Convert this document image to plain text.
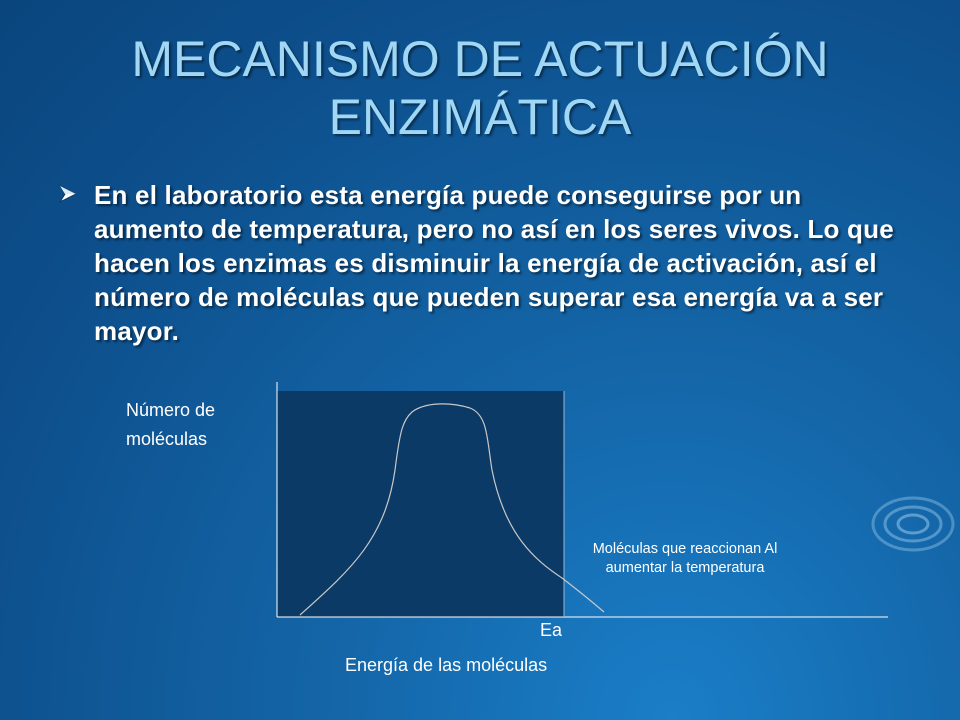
MECANISMO DE ACTUACIÓN ENZIMÁTICA
En el laboratorio esta energía puede conseguirse por un aumento de temperatura, pero no así en los seres vivos. Lo que hacen los enzimas es disminuir la energía de activación, así el número de moléculas que pueden superar esa energía va a ser mayor.
Número de moléculas
Ea
Energía de las moléculas
Moléculas que reaccionan Al aumentar la temperatura
